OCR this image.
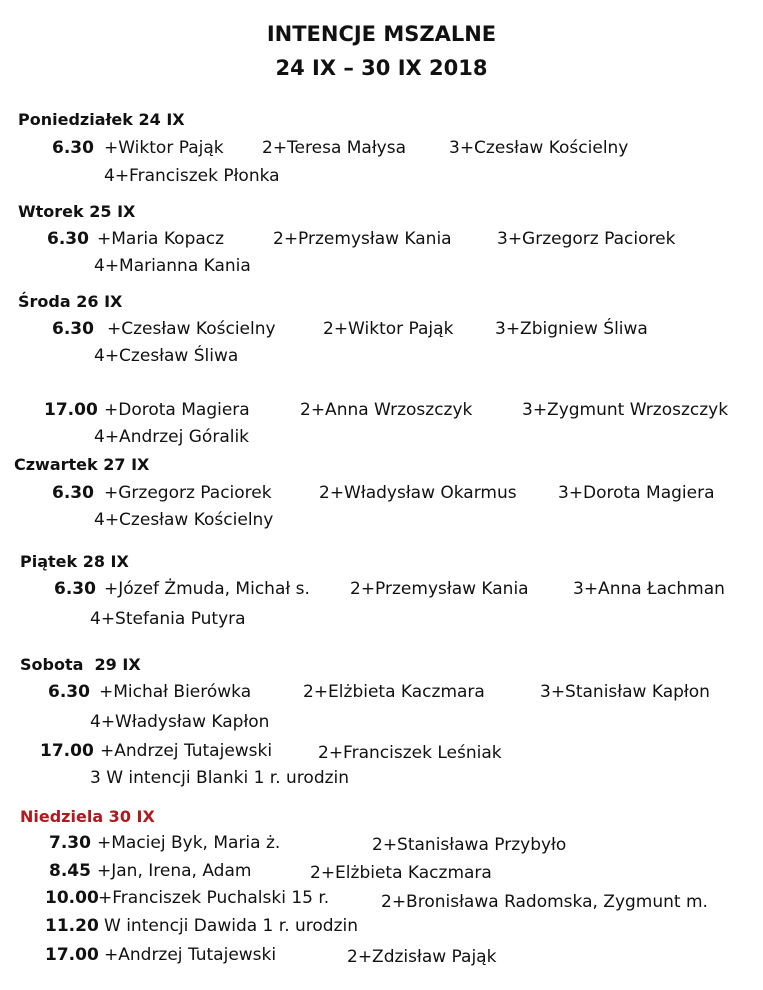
INTENCJE MSZALNE
24 IX – 30 IX 2018
Poniedziałek 24 IX
6.30 +Wiktor Pająk 2+Teresa Małysa	3+Czesław Kościelny
4+Franciszek Płonka
Wtorek 25 IX
6.30 +Maria Kopacz	2+Przemysław Kania	3+Grzegorz Paciorek
4+Marianna Kania
Środa 26 IX
6.30 +Czesław Kościelny	2+Wiktor Pająk 3+Zbigniew Śliwa
4+Czesław Śliwa
17.00 +Dorota Magiera	2+Anna Wrzoszczyk	3+Zygmunt Wrzoszczyk
4+Andrzej Góralik
Czwartek 27 IX
6.30 +Grzegorz Paciorek	2+Władysław Okarmus 3+Dorota Magiera
4+Czesław Kościelny
Piątek 28 IX
6.30 +Józef Żmuda, Michał s. 2+Przemysław Kania	3+Anna Łachman
4+Stefania Putyra
Sobota  29 IX
6.30 +Michał Bierówka	2+Elżbieta Kaczmara	3+Stanisław Kapłon
4+Władysław Kapłon
17.00 +Andrzej Tutajewski	2+Franciszek Leśniak
3 W intencji Blanki 1 r. urodzin
Niedziela 30 IX
7.30 +Maciej Byk, Maria ż.	2+Stanisława Przybyło
8.45 +Jan, Irena, Adam	2+Elżbieta Kaczmara
10.00 +Franciszek Puchalski 15 r.	2+Bronisława Radomska, Zygmunt m.
11.20 W intencji Dawida 1 r. urodzin
17.00 +Andrzej Tutajewski	2+Zdzisław Pająk
